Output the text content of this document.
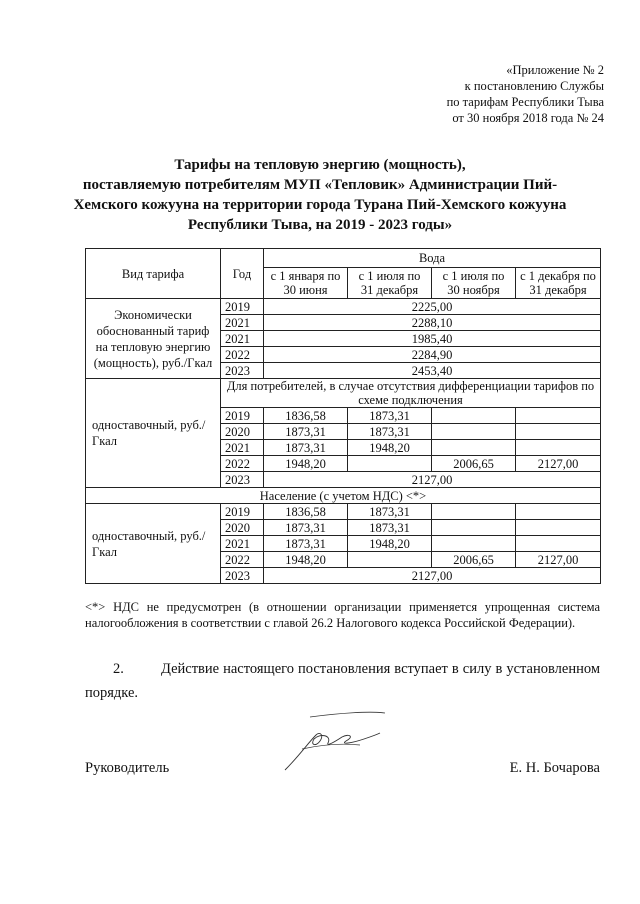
«Приложение № 2
к постановлению Службы
по тарифам Республики Тыва
от 30 ноября 2018 года № 24
Тарифы на тепловую энергию (мощность),
поставляемую потребителям МУП «Тепловик» Администрации Пий-
Хемского кожууна на территории города Турана Пий-Хемского кожууна
Республики Тыва, на 2019 - 2023 годы»
Вид тарифа	Год	Вода			
		с 1 января по 30 июня	с 1 июля по 31 декабря	с 1 июля по 30 ноября	с 1 декабря по 31 декабря
Экономически обоснованный тариф на тепловую энергию (мощность), руб./Гкал	2019	2225,00			
	2021	2288,10			
	2021	1985,40			
	2022	2284,90			
	2023	2453,40			
одноставочный, руб./Гкал	Для потребителей, в случае отсутствия дифференциации тарифов по схеме подключения				
	2019	1836,58	1873,31		
	2020	1873,31	1873,31		
	2021	1873,31	1948,20		
	2022	1948,20		2006,65	2127,00
	2023	2127,00			
Население (с учетом НДС) <*>					
одноставочный, руб./Гкал	2019	1836,58	1873,31		
	2020	1873,31	1873,31		
	2021	1873,31	1948,20		
	2022	1948,20		2006,65	2127,00
	2023	2127,00			
<*> НДС не предусмотрен (в отношении организации применяется упрощенная система налогообложения в соответствии с главой 26.2 Налогового кодекса Российской Федерации).
2.	Действие настоящего постановления вступает в силу в установленном порядке.
Руководитель	Е. Н. Бочарова
